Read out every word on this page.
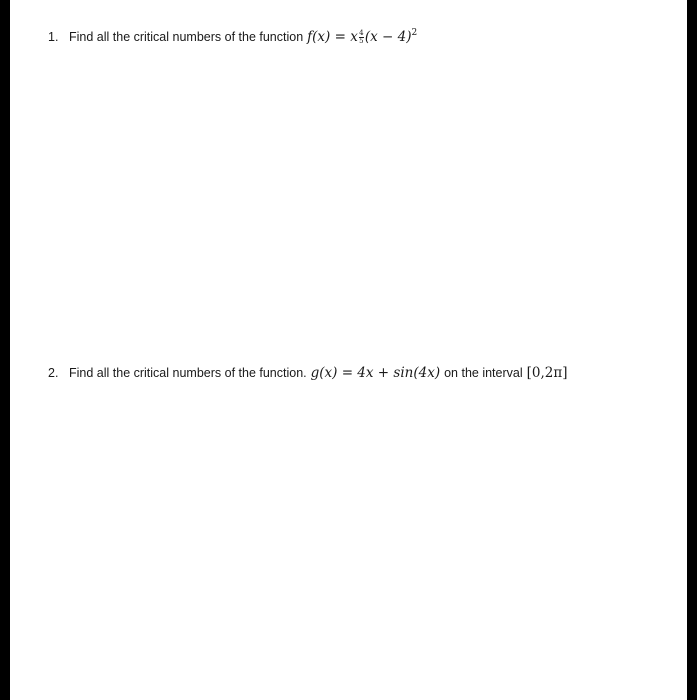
1. Find all the critical numbers of the function f(x) = x $\frac{4}{5} (x - 4)^2$
2. Find all the critical numbers of the function. g(x) = 4x + sin(4x) on the interval [0,2π]
